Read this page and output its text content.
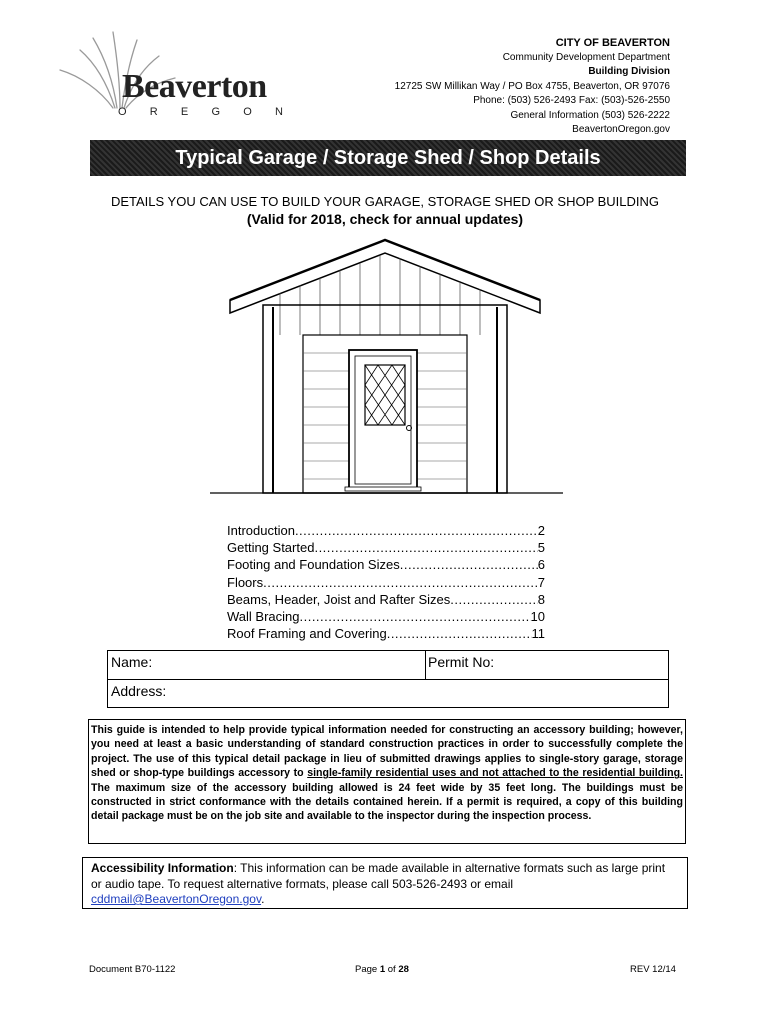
Beaverton
O R E G O N
CITY OF BEAVERTON
Community Development Department
Building Division
12725 SW Millikan Way / PO Box 4755, Beaverton, OR 97076
Phone: (503) 526-2493 Fax: (503)-526-2550
General Information (503) 526-2222
BeavertonOregon.gov
Typical Garage / Storage Shed / Shop Details
DETAILS YOU CAN USE TO BUILD YOUR GARAGE, STORAGE SHED OR SHOP BUILDING
(Valid for 2018, check for annual updates)
Introduction .....	2
Getting Started .....	5
Footing and Foundation Sizes .....	6
Floors .....	7
Beams, Header, Joist and Rafter Sizes .....	8
Wall Bracing .....	10
Roof Framing and Covering .....	11
Name:	Permit No:
Address:
This guide is intended to help provide typical information needed for constructing an accessory building; however, you need at least a basic understanding of standard construction practices in order to successfully complete the project. The use of this typical detail package in lieu of submitted drawings applies to single-story garage, storage shed or shop-type buildings accessory to single-family residential uses and not attached to the residential building. The maximum size of the accessory building allowed is 24 feet wide by 35 feet long. The buildings must be constructed in strict conformance with the details contained herein. If a permit is required, a copy of this building detail package must be on the job site and available to the inspector during the inspection process.
Accessibility Information: This information can be made available in alternative formats such as large print or audio tape. To request alternative formats, please call 503-526-2493 or email cddmail@BeavertonOregon.gov.
Document B70-1122	Page 1 of 28	REV 12/14
